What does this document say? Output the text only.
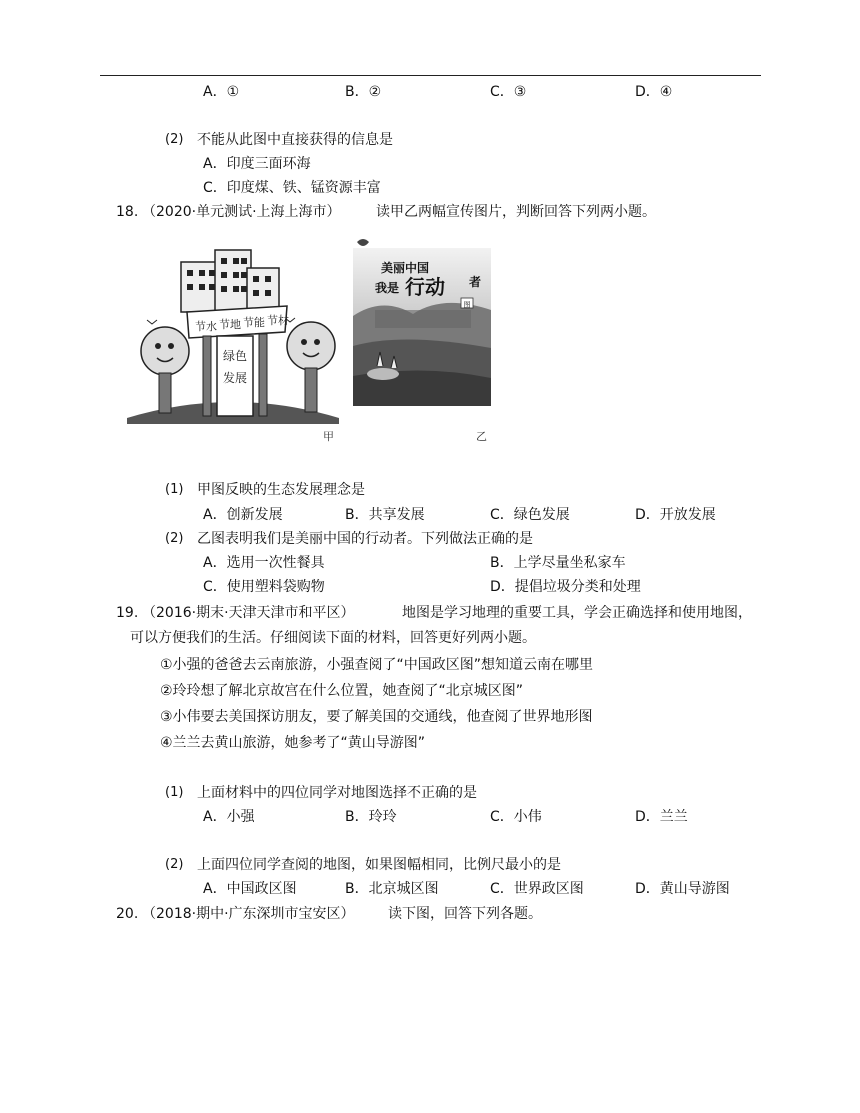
A．①	B．②	C．③	D．④
(2) 不能从此图中直接获得的信息是
A．印度三面环海
C．印度煤、铁、锰资源丰富
18. （2020·单元测试·上海上海市）	读甲乙两幅宣传图片，判断回答下列两小题。
节水 节地 节能 节材
绿色
发展
甲
美丽中国
我是 行动 者
图
乙
(1) 甲图反映的生态发展理念是
A．创新发展	B．共享发展	C．绿色发展	D．开放发展
(2) 乙图表明我们是美丽中国的行动者。下列做法正确的是
A．选用一次性餐具	B．上学尽量坐私家车
C．使用塑料袋购物	D．提倡垃圾分类和处理
19. （2016·期末·天津天津市和平区）	地图是学习地理的重要工具，学会正确选择和使用地图，
可以方便我们的生活。仔细阅读下面的材料，回答更好列两小题。
①小强的爸爸去云南旅游，小强查阅了“中国政区图”想知道云南在哪里
②玲玲想了解北京故宫在什么位置，她查阅了“北京城区图”
③小伟要去美国探访朋友，要了解美国的交通线，他查阅了世界地形图
④兰兰去黄山旅游，她参考了“黄山导游图”
(1) 上面材料中的四位同学对地图选择不正确的是
A．小强	B．玲玲	C．小伟	D．兰兰
(2) 上面四位同学查阅的地图，如果图幅相同，比例尺最小的是
A．中国政区图	B．北京城区图	C．世界政区图	D．黄山导游图
20. （2018·期中·广东深圳市宝安区） 读下图，回答下列各题。
